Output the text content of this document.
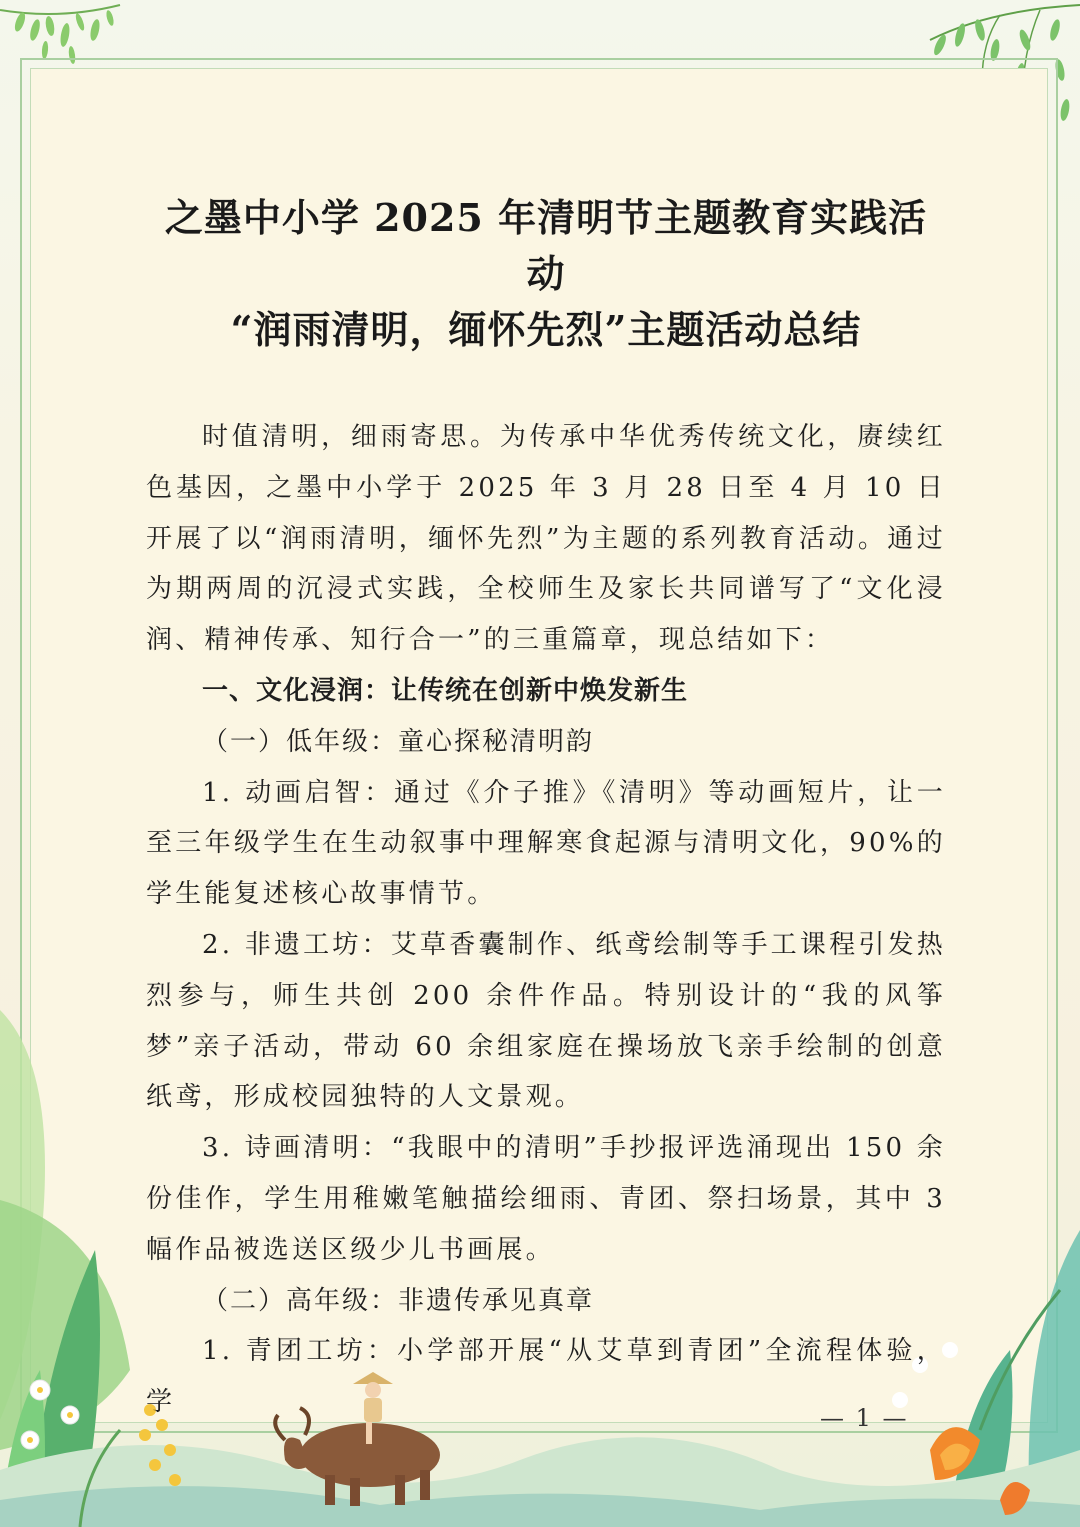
之墨中小学 2025 年清明节主题教育实践活动
“润雨清明，缅怀先烈”主题活动总结

时值清明，细雨寄思。为传承中华优秀传统文化，赓续红色基因，之墨中小学于 2025 年 3 月 28 日至 4 月 10 日开展了以“润雨清明，缅怀先烈”为主题的系列教育活动。通过为期两周的沉浸式实践，全校师生及家长共同谱写了“文化浸润、精神传承、知行合一”的三重篇章，现总结如下：

一、文化浸润：让传统在创新中焕发新生

（一）低年级：童心探秘清明韵

1. 动画启智：通过《介子推》《清明》等动画短片，让一至三年级学生在生动叙事中理解寒食起源与清明文化，90%的学生能复述核心故事情节。

2. 非遗工坊：艾草香囊制作、纸鸢绘制等手工课程引发热烈参与，师生共创 200 余件作品。特别设计的“我的风筝梦”亲子活动，带动 60 余组家庭在操场放飞亲手绘制的创意纸鸢，形成校园独特的人文景观。

3. 诗画清明：“我眼中的清明”手抄报评选涌现出 150 余份佳作，学生用稚嫩笔触描绘细雨、青团、祭扫场景，其中 3 幅作品被选送区级少儿书画展。

（二）高年级：非遗传承见真章

1. 青团工坊：小学部开展“从艾草到青团”全流程体验，学

— 1 —
